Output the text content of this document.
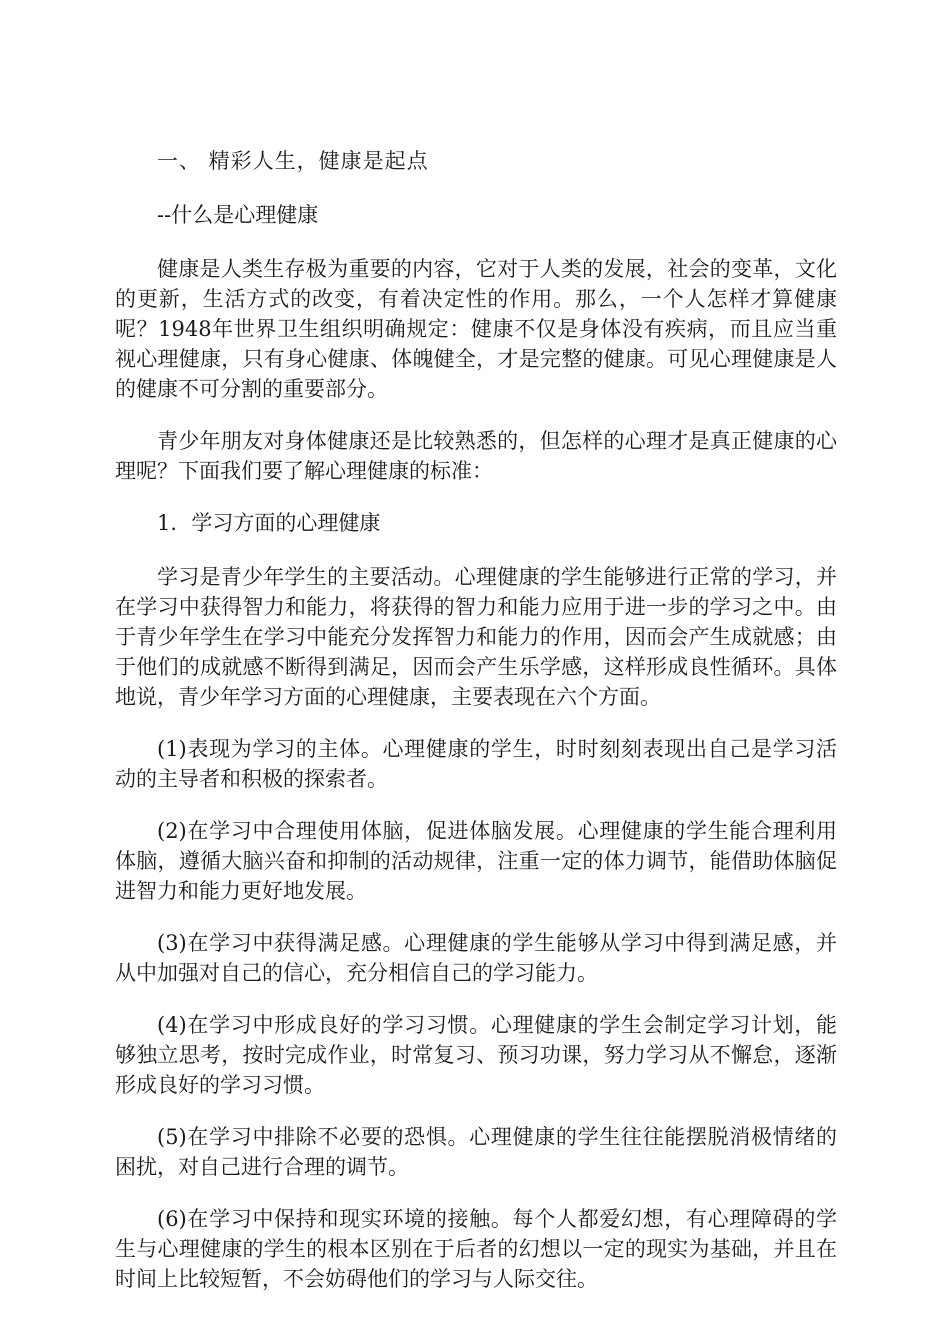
一、 精彩人生，健康是起点

--什么是心理健康

健康是人类生存极为重要的内容，它对于人类的发展，社会的变革，文化的更新，生活方式的改变，有着决定性的作用。那么，一个人怎样才算健康呢？1948年世界卫生组织明确规定：健康不仅是身体没有疾病，而且应当重视心理健康，只有身心健康、体魄健全，才是完整的健康。可见心理健康是人的健康不可分割的重要部分。

青少年朋友对身体健康还是比较熟悉的，但怎样的心理才是真正健康的心理呢？下面我们要了解心理健康的标准：

1．学习方面的心理健康

学习是青少年学生的主要活动。心理健康的学生能够进行正常的学习，并在学习中获得智力和能力，将获得的智力和能力应用于进一步的学习之中。由于青少年学生在学习中能充分发挥智力和能力的作用，因而会产生成就感；由于他们的成就感不断得到满足，因而会产生乐学感，这样形成良性循环。具体地说，青少年学习方面的心理健康，主要表现在六个方面。

(1)表现为学习的主体。心理健康的学生，时时刻刻表现出自己是学习活动的主导者和积极的探索者。

(2)在学习中合理使用体脑，促进体脑发展。心理健康的学生能合理利用体脑，遵循大脑兴奋和抑制的活动规律，注重一定的体力调节，能借助体脑促进智力和能力更好地发展。

(3)在学习中获得满足感。心理健康的学生能够从学习中得到满足感，并从中加强对自己的信心，充分相信自己的学习能力。

(4)在学习中形成良好的学习习惯。心理健康的学生会制定学习计划，能够独立思考，按时完成作业，时常复习、预习功课，努力学习从不懈怠，逐渐形成良好的学习习惯。

(5)在学习中排除不必要的恐惧。心理健康的学生往往能摆脱消极情绪的困扰，对自己进行合理的调节。

(6)在学习中保持和现实环境的接触。每个人都爱幻想，有心理障碍的学生与心理健康的学生的根本区别在于后者的幻想以一定的现实为基础，并且在时间上比较短暂，不会妨碍他们的学习与人际交往。
